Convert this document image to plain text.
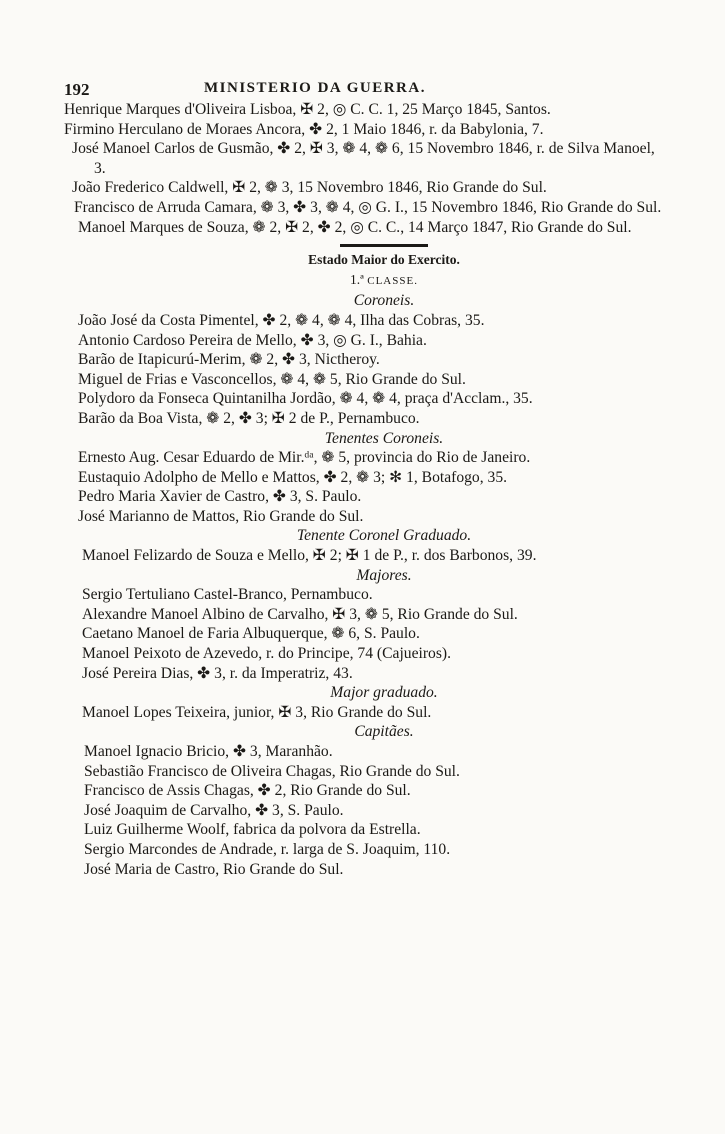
192	MINISTERIO DA GUERRA.

Henrique Marques d'Oliveira Lisboa, ✠ 2, ◎ C. C. 1, 25 Março 1845, Santos.

Firmino Herculano de Moraes Ancora, ✤ 2, 1 Maio 1846, r. da Babylonia, 7.

José Manoel Carlos de Gusmão, ✤ 2, ✠ 3, ❁ 4, ❁ 6, 15 Novembro 1846, r. de Silva Manoel, 3.

João Frederico Caldwell, ✠ 2, ❁ 3, 15 Novembro 1846, Rio Grande do Sul.

Francisco de Arruda Camara, ❁ 3, ✤ 3, ❁ 4, ◎ G. I., 15 Novembro 1846, Rio Grande do Sul.

Manoel Marques de Souza, ❁ 2, ✠ 2, ✤ 2, ◎ C. C., 14 Março 1847, Rio Grande do Sul.

Estado Maior do Exercito.
1.ª CLASSE.
Coroneis.

João José da Costa Pimentel, ✤ 2, ❁ 4, ❁ 4, Ilha das Cobras, 35.

Antonio Cardoso Pereira de Mello, ✤ 3, ◎ G. I., Bahia.

Barão de Itapicurú-Merim, ❁ 2, ✤ 3, Nictheroy.

Miguel de Frias e Vasconcellos, ❁ 4, ❁ 5, Rio Grande do Sul.

Polydoro da Fonseca Quintanilha Jordão, ❁ 4, ❁ 4, praça d'Acclam., 35.

Barão da Boa Vista, ❁ 2, ✤ 3; ✠ 2 de P., Pernambuco.

Tenentes Coroneis.

Ernesto Aug. Cesar Eduardo de Mir.ᵈᵃ, ❁ 5, provincia do Rio de Janeiro.

Eustaquio Adolpho de Mello e Mattos, ✤ 2, ❁ 3; ✻ 1, Botafogo, 35.

Pedro Maria Xavier de Castro, ✤ 3, S. Paulo.

José Marianno de Mattos, Rio Grande do Sul.

Tenente Coronel Graduado.

Manoel Felizardo de Souza e Mello, ✠ 2; ✠ 1 de P., r. dos Barbonos, 39.

Majores.

Sergio Tertuliano Castel-Branco, Pernambuco.

Alexandre Manoel Albino de Carvalho, ✠ 3, ❁ 5, Rio Grande do Sul.

Caetano Manoel de Faria Albuquerque, ❁ 6, S. Paulo.

Manoel Peixoto de Azevedo, r. do Principe, 74 (Cajueiros).

José Pereira Dias, ✤ 3, r. da Imperatriz, 43.

Major graduado.

Manoel Lopes Teixeira, junior, ✠ 3, Rio Grande do Sul.

Capitães.

Manoel Ignacio Bricio, ✤ 3, Maranhão.

Sebastião Francisco de Oliveira Chagas, Rio Grande do Sul.

Francisco de Assis Chagas, ✤ 2, Rio Grande do Sul.

José Joaquim de Carvalho, ✤ 3, S. Paulo.

Luiz Guilherme Woolf, fabrica da polvora da Estrella.

Sergio Marcondes de Andrade, r. larga de S. Joaquim, 110.

José Maria de Castro, Rio Grande do Sul.
